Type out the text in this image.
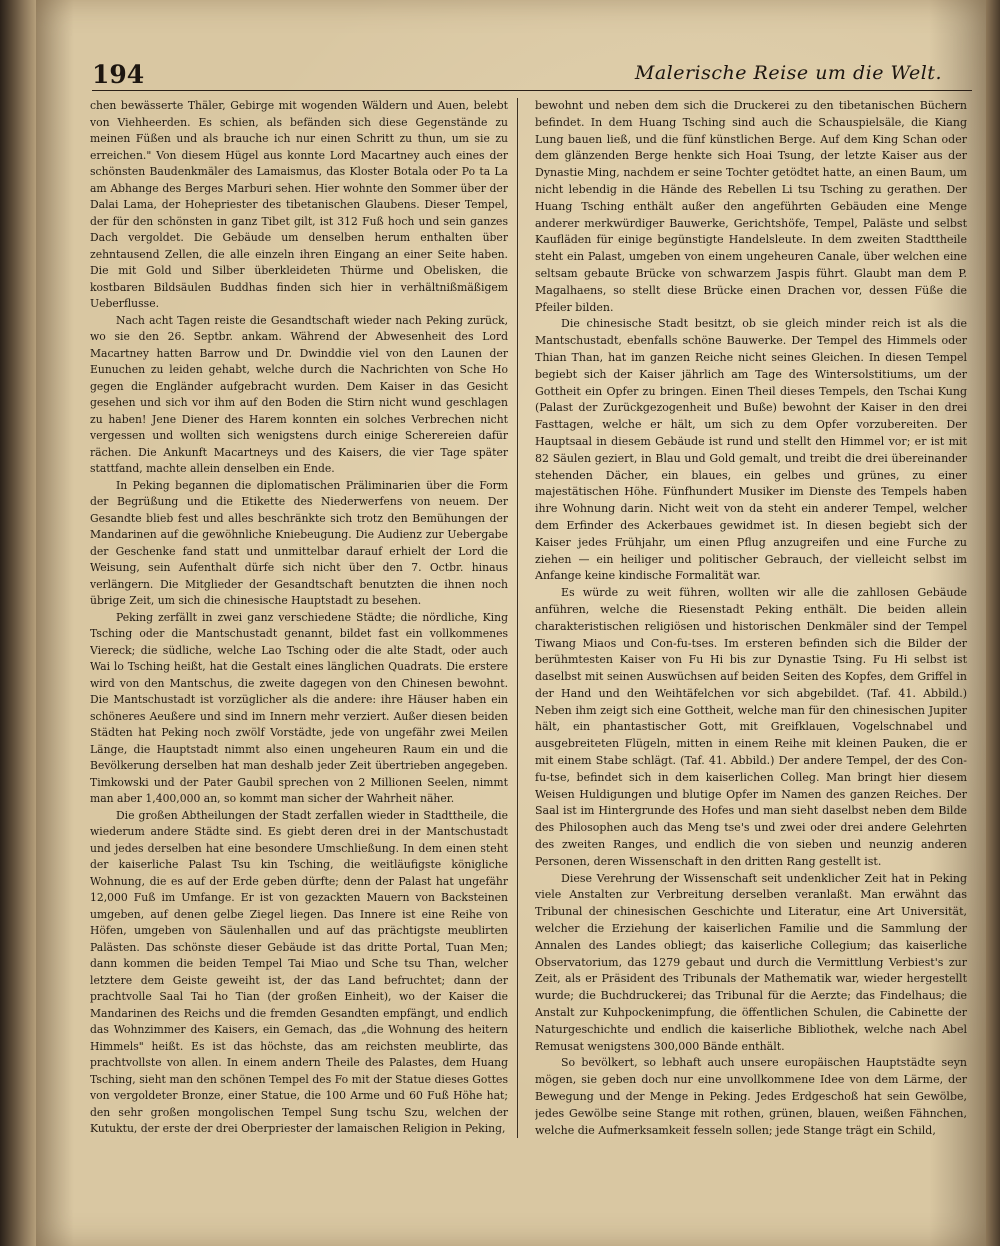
194	Malerische Reise um die Welt.

chen bewässerte Thäler, Gebirge mit wogenden Wäldern und Auen, belebt von Viehheerden. Es schien, als befänden sich diese Gegenstände zu meinen Füßen und als brauche ich nur einen Schritt zu thun, um sie zu erreichen." Von diesem Hügel aus konnte Lord Macartney auch eines der schönsten Baudenkmäler des Lamaismus, das Kloster Botala oder Po ta La am Abhange des Berges Marburi sehen. Hier wohnte den Sommer über der Dalai Lama, der Hohepriester des tibetanischen Glaubens. Dieser Tempel, der für den schönsten in ganz Tibet gilt, ist 312 Fuß hoch und sein ganzes Dach vergoldet. Die Gebäude um denselben herum enthalten über zehntausend Zellen, die alle einzeln ihren Eingang an einer Seite haben. Die mit Gold und Silber überkleideten Thürme und Obelisken, die kostbaren Bildsäulen Buddhas finden sich hier in verhältnißmäßigem Ueberflusse.

Nach acht Tagen reiste die Gesandtschaft wieder nach Peking zurück, wo sie den 26. Septbr. ankam. Während der Abwesenheit des Lord Macartney hatten Barrow und Dr. Dwinddie viel von den Launen der Eunuchen zu leiden gehabt, welche durch die Nachrichten von Sche Ho gegen die Engländer aufgebracht wurden. Dem Kaiser in das Gesicht gesehen und sich vor ihm auf den Boden die Stirn nicht wund geschlagen zu haben! Jene Diener des Harem konnten ein solches Verbrechen nicht vergessen und wollten sich wenigstens durch einige Scherereien dafür rächen. Die Ankunft Macartneys und des Kaisers, die vier Tage später stattfand, machte allein denselben ein Ende.

In Peking begannen die diplomatischen Präliminarien über die Form der Begrüßung und die Etikette des Niederwerfens von neuem. Der Gesandte blieb fest und alles beschränkte sich trotz den Bemühungen der Mandarinen auf die gewöhnliche Kniebeugung. Die Audienz zur Uebergabe der Geschenke fand statt und unmittelbar darauf erhielt der Lord die Weisung, sein Aufenthalt dürfe sich nicht über den 7. Octbr. hinaus verlängern. Die Mitglieder der Gesandtschaft benutzten die ihnen noch übrige Zeit, um sich die chinesische Hauptstadt zu besehen.

Peking zerfällt in zwei ganz verschiedene Städte; die nördliche, King Tsching oder die Mantschustadt genannt, bildet fast ein vollkommenes Viereck; die südliche, welche Lao Tsching oder die alte Stadt, oder auch Wai lo Tsching heißt, hat die Gestalt eines länglichen Quadrats. Die erstere wird von den Mantschus, die zweite dagegen von den Chinesen bewohnt. Die Mantschustadt ist vorzüglicher als die andere: ihre Häuser haben ein schöneres Aeußere und sind im Innern mehr verziert. Außer diesen beiden Städten hat Peking noch zwölf Vorstädte, jede von ungefähr zwei Meilen Länge, die Hauptstadt nimmt also einen ungeheuren Raum ein und die Bevölkerung derselben hat man deshalb jeder Zeit übertrieben angegeben. Timkowski und der Pater Gaubil sprechen von 2 Millionen Seelen, nimmt man aber 1,400,000 an, so kommt man sicher der Wahrheit näher.

Die großen Abtheilungen der Stadt zerfallen wieder in Stadttheile, die wiederum andere Städte sind. Es giebt deren drei in der Mantschustadt und jedes derselben hat eine besondere Umschließung. In dem einen steht der kaiserliche Palast Tsu kin Tsching, die weitläufigste königliche Wohnung, die es auf der Erde geben dürfte; denn der Palast hat ungefähr 12,000 Fuß im Umfange. Er ist von gezackten Mauern von Backsteinen umgeben, auf denen gelbe Ziegel liegen. Das Innere ist eine Reihe von Höfen, umgeben von Säulenhallen und auf das prächtigste meublirten Palästen. Das schönste dieser Gebäude ist das dritte Portal, Tuan Men; dann kommen die beiden Tempel Tai Miao und Sche tsu Than, welcher letztere dem Geiste geweiht ist, der das Land befruchtet; dann der prachtvolle Saal Tai ho Tian (der großen Einheit), wo der Kaiser die Mandarinen des Reichs und die fremden Gesandten empfängt, und endlich das Wohnzimmer des Kaisers, ein Gemach, das „die Wohnung des heitern Himmels" heißt. Es ist das höchste, das am reichsten meublirte, das prachtvollste von allen. In einem andern Theile des Palastes, dem Huang Tsching, sieht man den schönen Tempel des Fo mit der Statue dieses Gottes von vergoldeter Bronze, einer Statue, die 100 Arme und 60 Fuß Höhe hat; den sehr großen mongolischen Tempel Sung tschu Szu, welchen der Kutuktu, der erste der drei Oberpriester der lamaischen Religion in Peking,

bewohnt und neben dem sich die Druckerei zu den tibetanischen Büchern befindet. In dem Huang Tsching sind auch die Schauspielsäle, die Kiang Lung bauen ließ, und die fünf künstlichen Berge. Auf dem King Schan oder dem glänzenden Berge henkte sich Hoai Tsung, der letzte Kaiser aus der Dynastie Ming, nachdem er seine Tochter getödtet hatte, an einen Baum, um nicht lebendig in die Hände des Rebellen Li tsu Tsching zu gerathen. Der Huang Tsching enthält außer den angeführten Gebäuden eine Menge anderer merkwürdiger Bauwerke, Gerichtshöfe, Tempel, Paläste und selbst Kaufläden für einige begünstigte Handelsleute. In dem zweiten Stadttheile steht ein Palast, umgeben von einem ungeheuren Canale, über welchen eine seltsam gebaute Brücke von schwarzem Jaspis führt. Glaubt man dem P. Magalhaens, so stellt diese Brücke einen Drachen vor, dessen Füße die Pfeiler bilden.

Die chinesische Stadt besitzt, ob sie gleich minder reich ist als die Mantschustadt, ebenfalls schöne Bauwerke. Der Tempel des Himmels oder Thian Than, hat im ganzen Reiche nicht seines Gleichen. In diesen Tempel begiebt sich der Kaiser jährlich am Tage des Wintersolstitiums, um der Gottheit ein Opfer zu bringen. Einen Theil dieses Tempels, den Tschai Kung (Palast der Zurückgezogenheit und Buße) bewohnt der Kaiser in den drei Fasttagen, welche er hält, um sich zu dem Opfer vorzubereiten. Der Hauptsaal in diesem Gebäude ist rund und stellt den Himmel vor; er ist mit 82 Säulen geziert, in Blau und Gold gemalt, und treibt die drei übereinander stehenden Dächer, ein blaues, ein gelbes und grünes, zu einer majestätischen Höhe. Fünfhundert Musiker im Dienste des Tempels haben ihre Wohnung darin. Nicht weit von da steht ein anderer Tempel, welcher dem Erfinder des Ackerbaues gewidmet ist. In diesen begiebt sich der Kaiser jedes Frühjahr, um einen Pflug anzugreifen und eine Furche zu ziehen — ein heiliger und politischer Gebrauch, der vielleicht selbst im Anfange keine kindische Formalität war.

Es würde zu weit führen, wollten wir alle die zahllosen Gebäude anführen, welche die Riesenstadt Peking enthält. Die beiden allein charakteristischen religiösen und historischen Denkmäler sind der Tempel Tiwang Miaos und Con-fu-tses. Im ersteren befinden sich die Bilder der berühmtesten Kaiser von Fu Hi bis zur Dynastie Tsing. Fu Hi selbst ist daselbst mit seinen Auswüchsen auf beiden Seiten des Kopfes, dem Griffel in der Hand und den Weihtäfelchen vor sich abgebildet. (Taf. 41. Abbild.) Neben ihm zeigt sich eine Gottheit, welche man für den chinesischen Jupiter hält, ein phantastischer Gott, mit Greifklauen, Vogelschnabel und ausgebreiteten Flügeln, mitten in einem Reihe mit kleinen Pauken, die er mit einem Stabe schlägt. (Taf. 41. Abbild.) Der andere Tempel, der des Con-fu-tse, befindet sich in dem kaiserlichen Colleg. Man bringt hier diesem Weisen Huldigungen und blutige Opfer im Namen des ganzen Reiches. Der Saal ist im Hintergrunde des Hofes und man sieht daselbst neben dem Bilde des Philosophen auch das Meng tse's und zwei oder drei andere Gelehrten des zweiten Ranges, und endlich die von sieben und neunzig anderen Personen, deren Wissenschaft in den dritten Rang gestellt ist.

Diese Verehrung der Wissenschaft seit undenklicher Zeit hat in Peking viele Anstalten zur Verbreitung derselben veranlaßt. Man erwähnt das Tribunal der chinesischen Geschichte und Literatur, eine Art Universität, welcher die Erziehung der kaiserlichen Familie und die Sammlung der Annalen des Landes obliegt; das kaiserliche Collegium; das kaiserliche Observatorium, das 1279 gebaut und durch die Vermittlung Verbiest's zur Zeit, als er Präsident des Tribunals der Mathematik war, wieder hergestellt wurde; die Buchdruckerei; das Tribunal für die Aerzte; das Findelhaus; die Anstalt zur Kuhpockenimpfung, die öffentlichen Schulen, die Cabinette der Naturgeschichte und endlich die kaiserliche Bibliothek, welche nach Abel Remusat wenigstens 300,000 Bände enthält.

So bevölkert, so lebhaft auch unsere europäischen Hauptstädte seyn mögen, sie geben doch nur eine unvollkommene Idee von dem Lärme, der Bewegung und der Menge in Peking. Jedes Erdgeschoß hat sein Gewölbe, jedes Gewölbe seine Stange mit rothen, grünen, blauen, weißen Fähnchen, welche die Aufmerksamkeit fesseln sollen; jede Stange trägt ein Schild,
